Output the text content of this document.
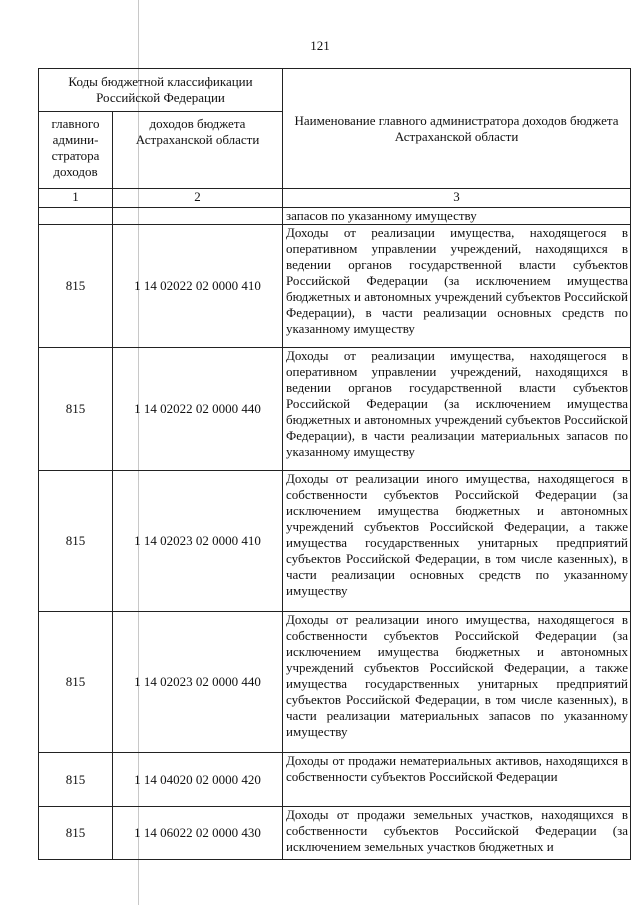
121
Коды бюджетной классификации Российской Федерации		Наименование главного администратора доходов бюджета Астраханской области
главного админи-стратора доходов	доходов бюджета Астраханской области	
1	2	3
		запасов по указанному имуществу
815	1 14 02022 02 0000 410	Доходы от реализации имущества, находящегося в оперативном управлении учреждений, находящихся в ведении органов государственной власти субъектов Российской Федерации (за исключением имущества бюджетных и автономных учреждений субъектов Российской Федерации), в части реализации основных средств по указанному имуществу
815	1 14 02022 02 0000 440	Доходы от реализации имущества, находящегося в оперативном управлении учреждений, находящихся в ведении органов государственной власти субъектов Российской Федерации (за исключением имущества бюджетных и автономных учреждений субъектов Российской Федерации), в части реализации материальных запасов по указанному имуществу
815	1 14 02023 02 0000 410	Доходы от реализации иного имущества, находящегося в собственности субъектов Российской Федерации (за исключением имущества бюджетных и автономных учреждений субъектов Российской Федерации, а также имущества государственных унитарных предприятий субъектов Российской Федерации, в том числе казенных), в части реализации основных средств по указанному имуществу
815	1 14 02023 02 0000 440	Доходы от реализации иного имущества, находящегося в собственности субъектов Российской Федерации (за исключением имущества бюджетных и автономных учреждений субъектов Российской Федерации, а также имущества государственных унитарных предприятий субъектов Российской Федерации, в том числе казенных), в части реализации материальных запасов по указанному имуществу
815	1 14 04020 02 0000 420	Доходы от продажи нематериальных активов, находящихся в собственности субъектов Российской Федерации
815	1 14 06022 02 0000 430	Доходы от продажи земельных участков, находящихся в собственности субъектов Российской Федерации (за исключением земельных участков бюджетных и
